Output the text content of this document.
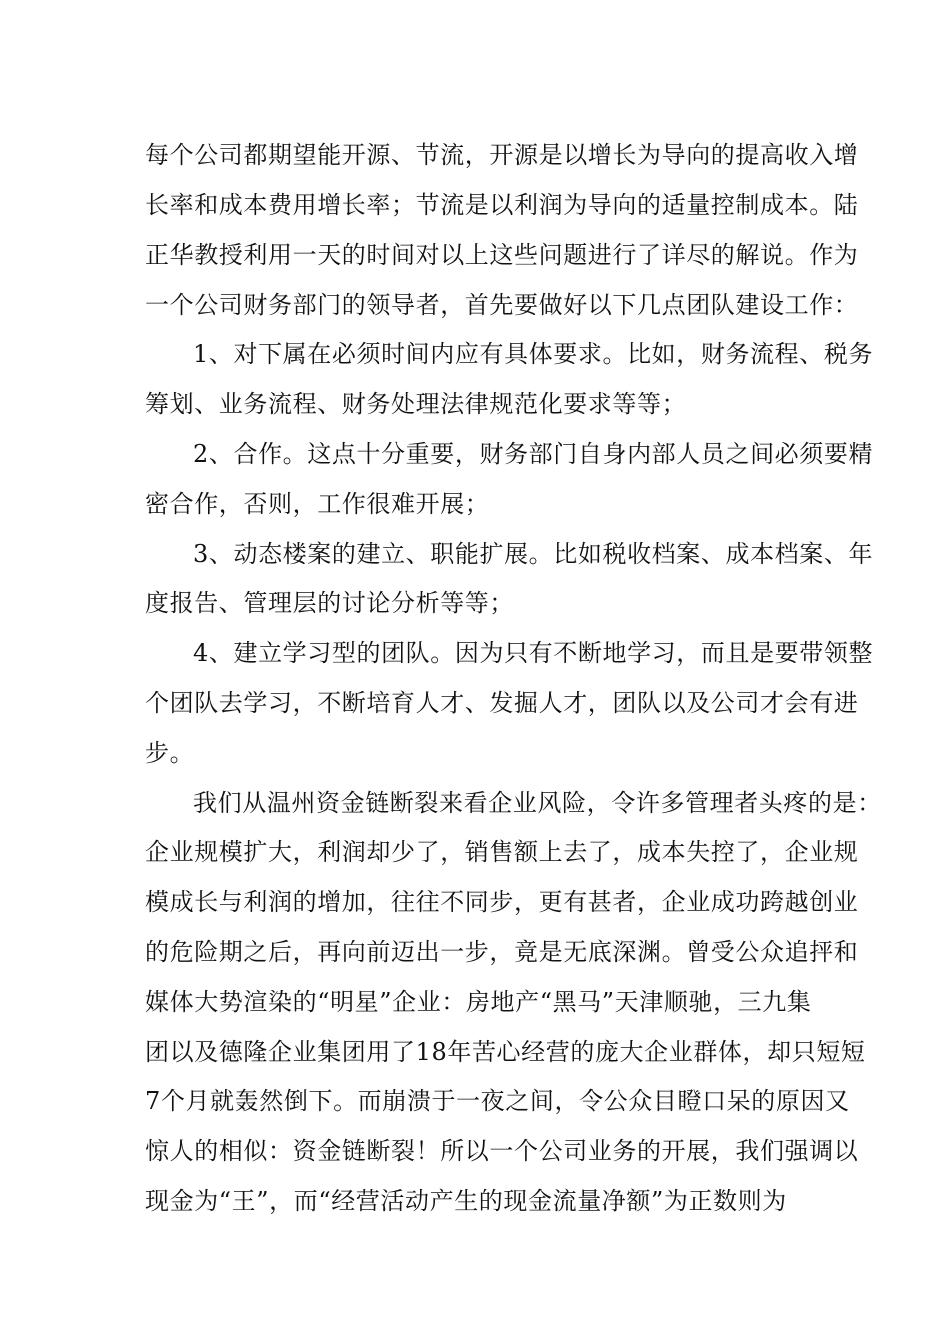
每个公司都期望能开源、节流，开源是以增长为导向的提高收入增

长率和成本费用增长率；节流是以利润为导向的适量控制成本。陆

正华教授利用一天的时间对以上这些问题进行了详尽的解说。作为

一个公司财务部门的领导者，首先要做好以下几点团队建设工作：

1、对下属在必须时间内应有具体要求。比如，财务流程、税务

筹划、业务流程、财务处理法律规范化要求等等；

2、合作。这点十分重要，财务部门自身内部人员之间必须要精

密合作，否则，工作很难开展；

3、动态楼案的建立、职能扩展。比如税收档案、成本档案、年

度报告、管理层的讨论分析等等；

4、建立学习型的团队。因为只有不断地学习，而且是要带领整

个团队去学习，不断培育人才、发掘人才，团队以及公司才会有进

步。

我们从温州资金链断裂来看企业风险，令许多管理者头疼的是：

企业规模扩大，利润却少了，销售额上去了，成本失控了，企业规

模成长与利润的增加，往往不同步，更有甚者，企业成功跨越创业

的危险期之后，再向前迈出一步，竟是无底深渊。曾受公众追抨和

媒体大势渲染的“明星”企业：房地产“黑马”天津顺驰，三九集

团以及德隆企业集团用了18年苦心经营的庞大企业群体，却只短短

7个月就轰然倒下。而崩溃于一夜之间，令公众目瞪口呆的原因又

惊人的相似：资金链断裂！所以一个公司业务的开展，我们强调以

现金为“王”，而“经营活动产生的现金流量净额”为正数则为
